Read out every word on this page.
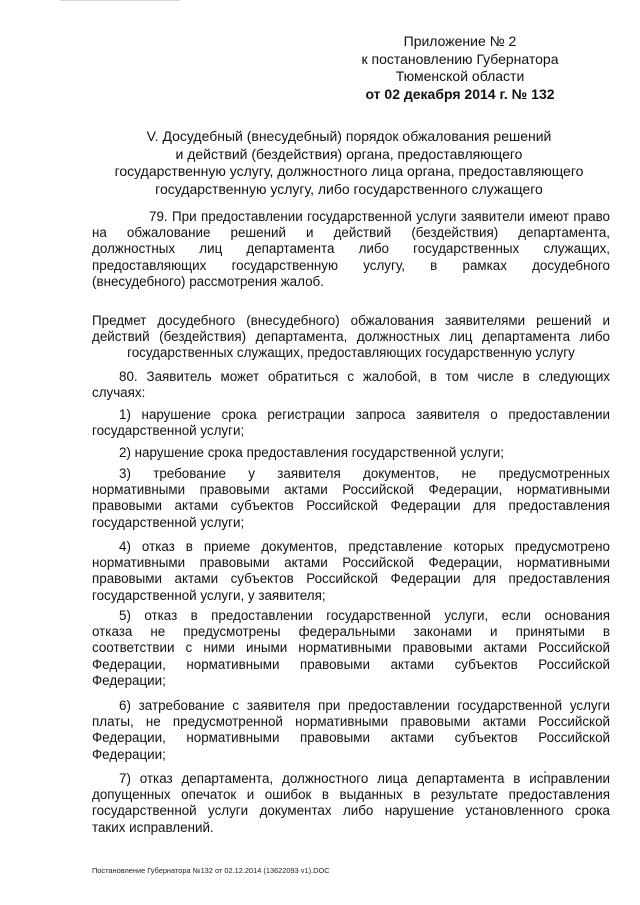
Приложение № 2
к постановлению Губернатора
Тюменской области
от 02 декабря 2014 г. № 132
V. Досудебный (внесудебный) порядок обжалования решений
и действий (бездействия) органа, предоставляющего
государственную услугу, должностного лица органа, предоставляющего
государственную услугу, либо государственного служащего
79. При предоставлении государственной услуги заявители имеют право
на обжалование решений и действий (бездействия) департамента,
должностных лиц департамента либо государственных служащих,
предоставляющих государственную услугу, в рамках досудебного
(внесудебного) рассмотрения жалоб.
Предмет досудебного (внесудебного) обжалования заявителями решений и
действий (бездействия) департамента, должностных лиц департамента либо
государственных служащих, предоставляющих государственную услугу
80. Заявитель может обратиться с жалобой, в том числе в следующих
случаях:
1) нарушение срока регистрации запроса заявителя о предоставлении
государственной услуги;
2) нарушение срока предоставления государственной услуги;
3) требование у заявителя документов, не предусмотренных
нормативными правовыми актами Российской Федерации, нормативными
правовыми актами субъектов Российской Федерации для предоставления
государственной услуги;
4) отказ в приеме документов, представление которых предусмотрено
нормативными правовыми актами Российской Федерации, нормативными
правовыми актами субъектов Российской Федерации для предоставления
государственной услуги, у заявителя;
5) отказ в предоставлении государственной услуги, если основания
отказа не предусмотрены федеральными законами и принятыми в
соответствии с ними иными нормативными правовыми актами Российской
Федерации, нормативными правовыми актами субъектов Российской
Федерации;
6) затребование с заявителя при предоставлении государственной услуги
платы, не предусмотренной нормативными правовыми актами Российской
Федерации, нормативными правовыми актами субъектов Российской
Федерации;
7) отказ департамента, должностного лица департамента в исправлении
допущенных опечаток и ошибок в выданных в результате предоставления
государственной услуги документах либо нарушение установленного срока
таких исправлений.
Постановление Губернатора №132 от 02.12.2014 (13622093 v1).DOC
